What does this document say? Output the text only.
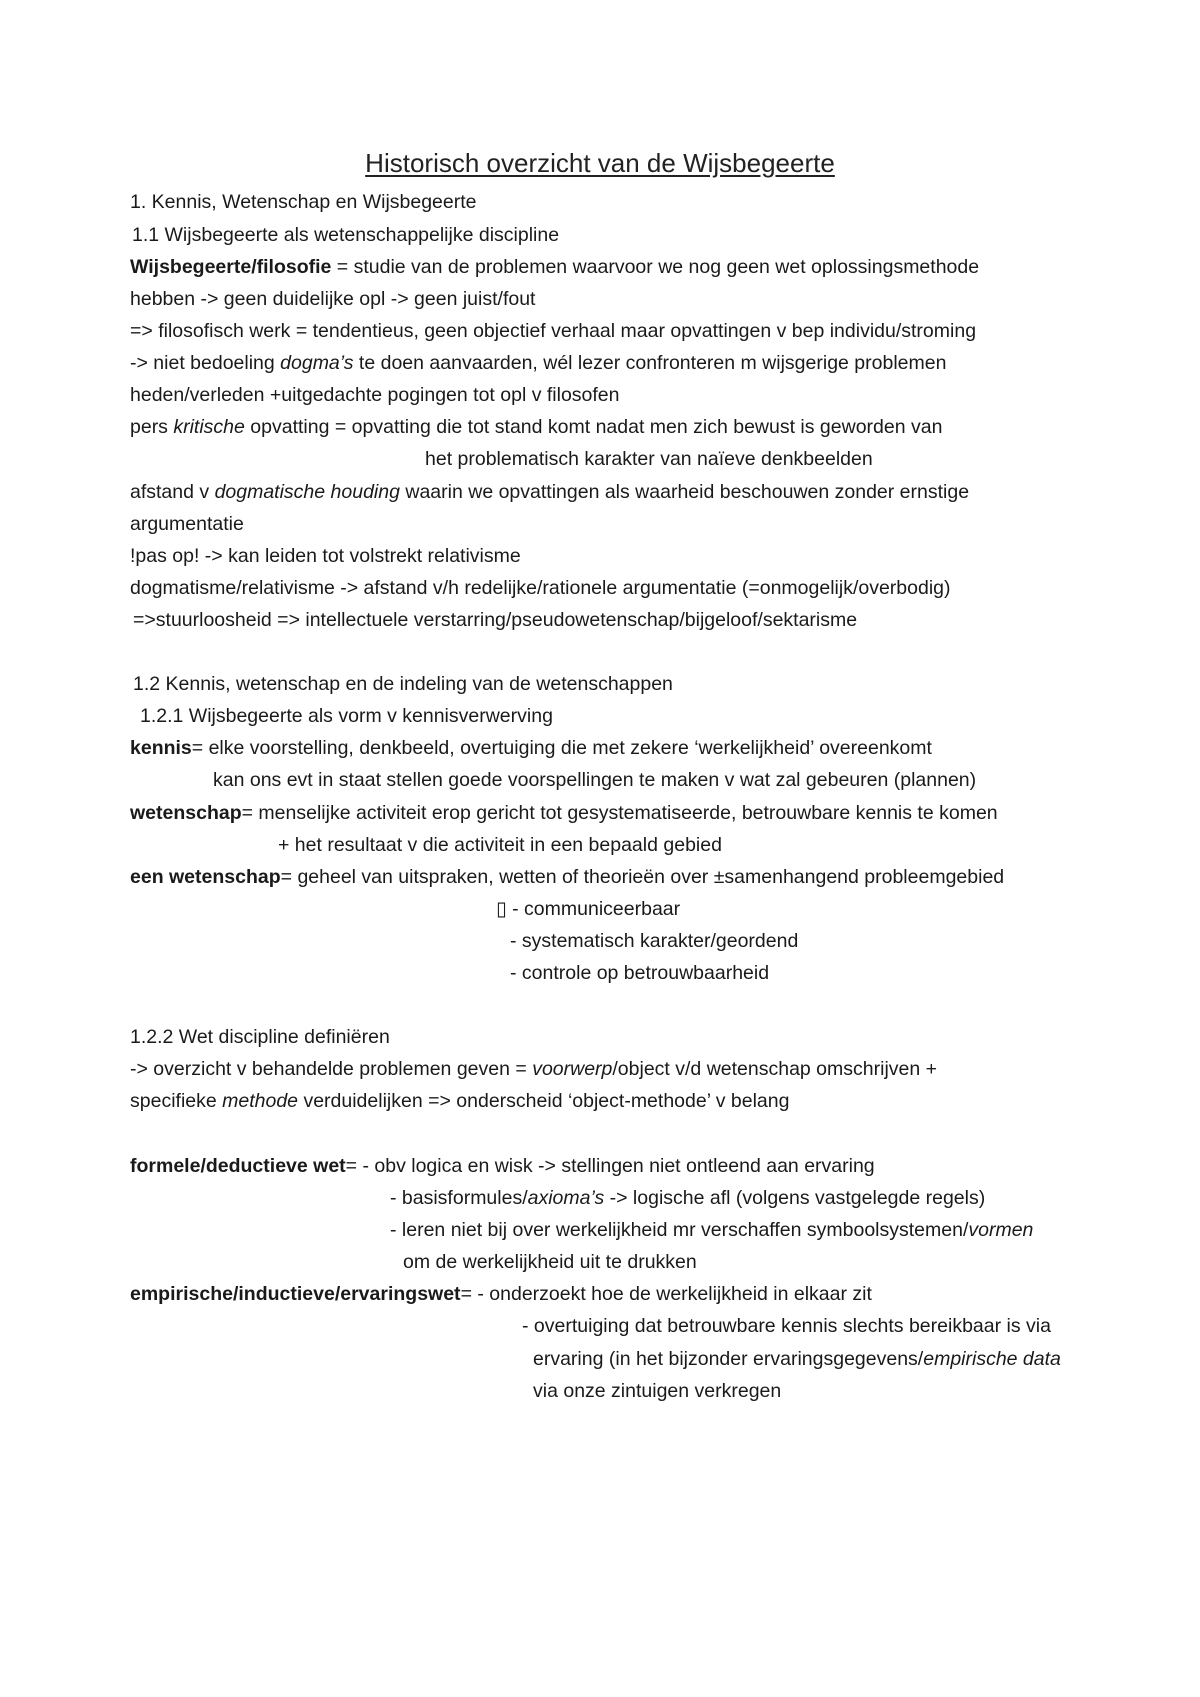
Historisch overzicht van de Wijsbegeerte
1. Kennis, Wetenschap en Wijsbegeerte
1.1 Wijsbegeerte als wetenschappelijke discipline
Wijsbegeerte/filosofie = studie van de problemen waarvoor we nog geen wet oplossingsmethode
hebben -> geen duidelijke opl -> geen juist/fout
=> filosofisch werk = tendentieus, geen objectief verhaal maar opvattingen v bep individu/stroming
-> niet bedoeling dogma’s te doen aanvaarden, wél lezer confronteren m wijsgerige problemen
heden/verleden +uitgedachte pogingen tot opl v filosofen
pers kritische opvatting = opvatting die tot stand komt nadat men zich bewust is geworden van
het problematisch karakter van naïeve denkbeelden
afstand v dogmatische houding waarin we opvattingen als waarheid beschouwen zonder ernstige
argumentatie
!pas op! -> kan leiden tot volstrekt relativisme
dogmatisme/relativisme -> afstand v/h redelijke/rationele argumentatie (=onmogelijk/overbodig)
=>stuurloosheid => intellectuele verstarring/pseudowetenschap/bijgeloof/sektarisme
1.2 Kennis, wetenschap en de indeling van de wetenschappen
1.2.1 Wijsbegeerte als vorm v kennisverwerving
kennis= elke voorstelling, denkbeeld, overtuiging die met zekere ‘werkelijkheid’ overeenkomt
kan ons evt in staat stellen goede voorspellingen te maken v wat zal gebeuren (plannen)
wetenschap= menselijke activiteit erop gericht tot gesystematiseerde, betrouwbare kennis te komen
+ het resultaat v die activiteit in een bepaald gebied
een wetenschap= geheel van uitspraken, wetten of theorieën over ±samenhangend probleemgebied
▯ - communiceerbaar
- systematisch karakter/geordend
- controle op betrouwbaarheid
1.2.2 Wet discipline definiëren
-> overzicht v behandelde problemen geven = voorwerp/object v/d wetenschap omschrijven +
specifieke methode verduidelijken => onderscheid ‘object-methode’ v belang
formele/deductieve wet= - obv logica en wisk -> stellingen niet ontleend aan ervaring
- basisformules/axioma’s -> logische afl (volgens vastgelegde regels)
- leren niet bij over werkelijkheid mr verschaffen symboolsystemen/vormen
om de werkelijkheid uit te drukken
empirische/inductieve/ervaringswet= - onderzoekt hoe de werkelijkheid in elkaar zit
- overtuiging dat betrouwbare kennis slechts bereikbaar is via
ervaring (in het bijzonder ervaringsgegevens/empirische data
via onze zintuigen verkregen
